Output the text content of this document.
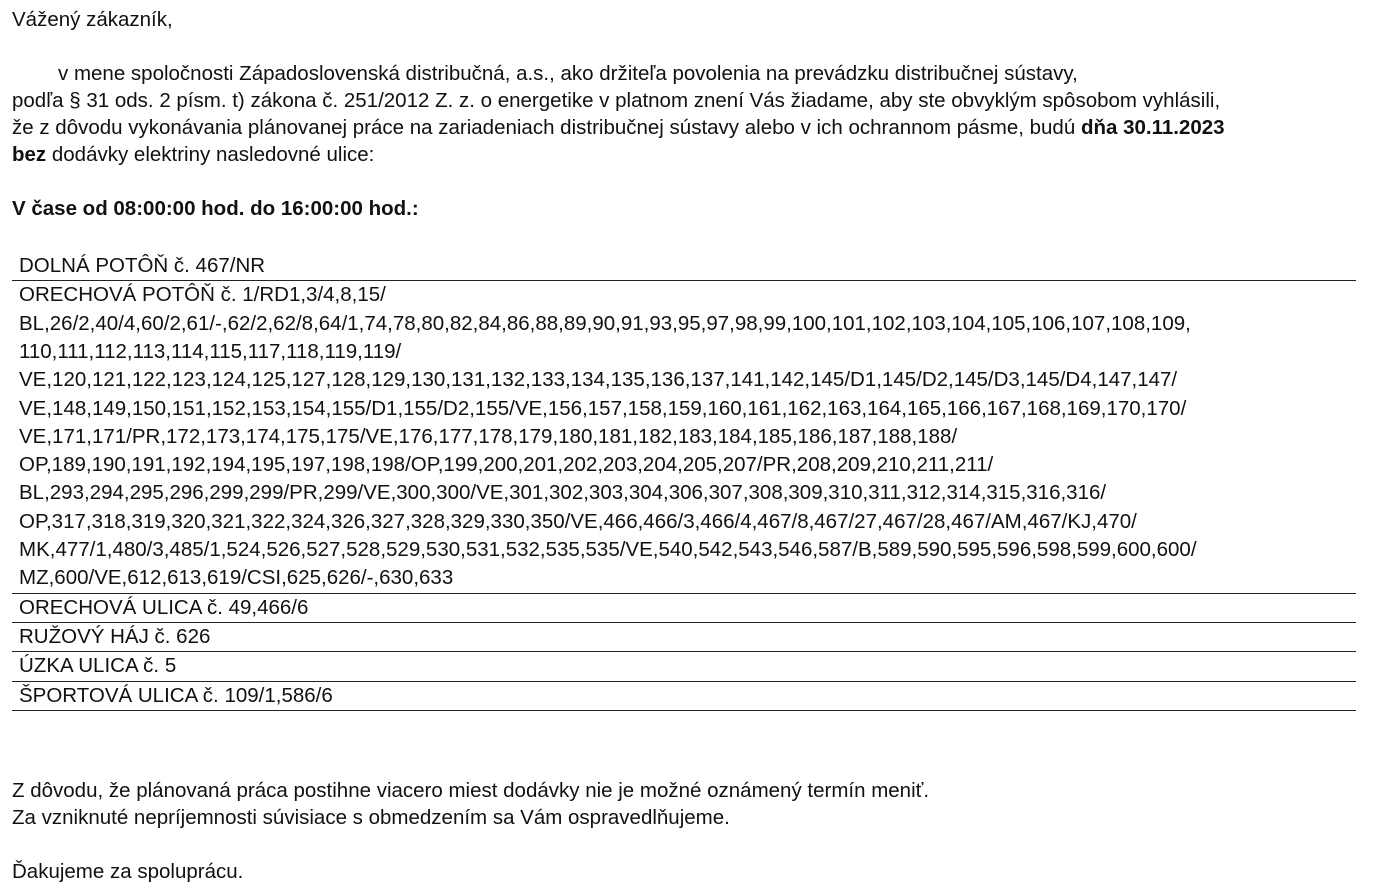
Vážený zákazník,

v mene spoločnosti Západoslovenská distribučná, a.s., ako držiteľa povolenia na prevádzku distribučnej sústavy,

podľa § 31 ods. 2 písm. t) zákona č. 251/2012 Z. z. o energetike v platnom znení Vás žiadame, aby ste obvyklým spôsobom vyhlásili,

že z dôvodu vykonávania plánovanej práce na zariadeniach distribučnej sústavy alebo v ich ochrannom pásme, budú dňa 30.11.2023

bez dodávky elektriny nasledovné ulice:

V čase od 08:00:00 hod. do 16:00:00 hod.:

DOLNÁ POTÔŇ č. 467/NR
ORECHOVÁ POTÔŇ č. 1/RD1,3/4,8,15/
BL,26/2,40/4,60/2,61/-,62/2,62/8,64/1,74,78,80,82,84,86,88,89,90,91,93,95,97,98,99,100,101,102,103,104,105,106,107,108,109,
110,111,112,113,114,115,117,118,119,119/
VE,120,121,122,123,124,125,127,128,129,130,131,132,133,134,135,136,137,141,142,145/D1,145/D2,145/D3,145/D4,147,147/
VE,148,149,150,151,152,153,154,155/D1,155/D2,155/VE,156,157,158,159,160,161,162,163,164,165,166,167,168,169,170,170/
VE,171,171/PR,172,173,174,175,175/VE,176,177,178,179,180,181,182,183,184,185,186,187,188,188/
OP,189,190,191,192,194,195,197,198,198/OP,199,200,201,202,203,204,205,207/PR,208,209,210,211,211/
BL,293,294,295,296,299,299/PR,299/VE,300,300/VE,301,302,303,304,306,307,308,309,310,311,312,314,315,316,316/
OP,317,318,319,320,321,322,324,326,327,328,329,330,350/VE,466,466/3,466/4,467/8,467/27,467/28,467/AM,467/KJ,470/
MK,477/1,480/3,485/1,524,526,527,528,529,530,531,532,535,535/VE,540,542,543,546,587/B,589,590,595,596,598,599,600,600/
MZ,600/VE,612,613,619/CSI,625,626/-,630,633
ORECHOVÁ ULICA č. 49,466/6
RUŽOVÝ HÁJ č. 626
ÚZKA ULICA č. 5
ŠPORTOVÁ ULICA č. 109/1,586/6

Z dôvodu, že plánovaná práca postihne viacero miest dodávky nie je možné oznámený termín meniť.

Za vzniknuté nepríjemnosti súvisiace s obmedzením sa Vám ospravedlňujeme.

Ďakujeme za spoluprácu.
